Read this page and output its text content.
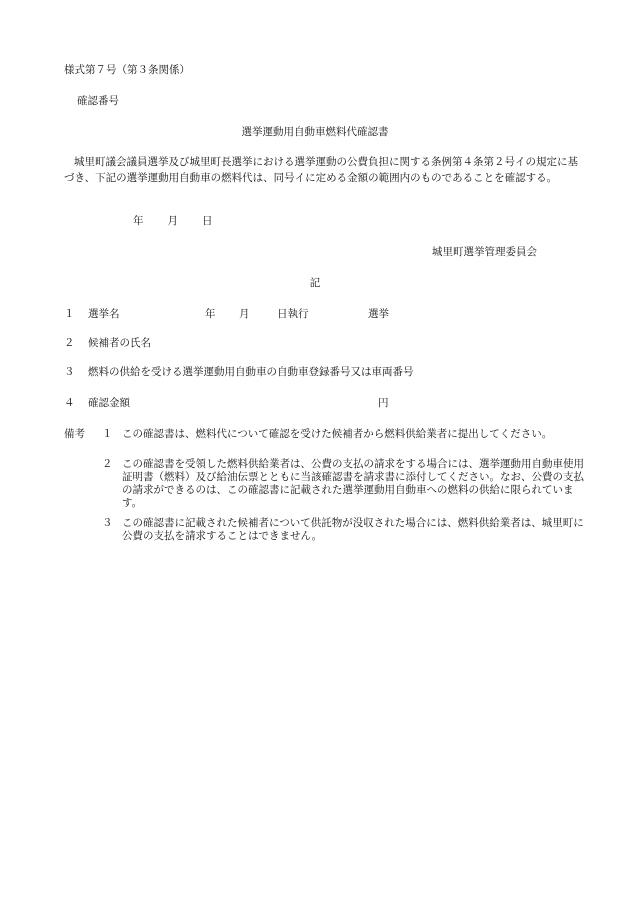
様式第７号（第３条関係）
確認番号
選挙運動用自動車燃料代確認書
城里町議会議員選挙及び城里町長選挙における選挙運動の公費負担に関する条例第４条第２号イの規定に基づき、下記の選挙運動用自動車の燃料代は、同号イに定める金額の範囲内のものであることを確認する。
年 月 日
城里町選挙管理委員会
記
１ 選挙名	年 月	日執行	選挙
２ 候補者の氏名
３ 燃料の供給を受ける選挙運動用自動車の自動車登録番号又は車両番号
４ 確認金額	円
備考 １ この確認書は、燃料代について確認を受けた候補者から燃料供給業者に提出してください。
２ この確認書を受領した燃料供給業者は、公費の支払の請求をする場合には、選挙運動用自動車使用証明書（燃料）及び給油伝票とともに当該確認書を請求書に添付してください。なお、公費の支払の請求ができるのは、この確認書に記載された選挙運動用自動車への燃料の供給に限られています。
３ この確認書に記載された候補者について供託物が没収された場合には、燃料供給業者は、城里町に公費の支払を請求することはできません。
